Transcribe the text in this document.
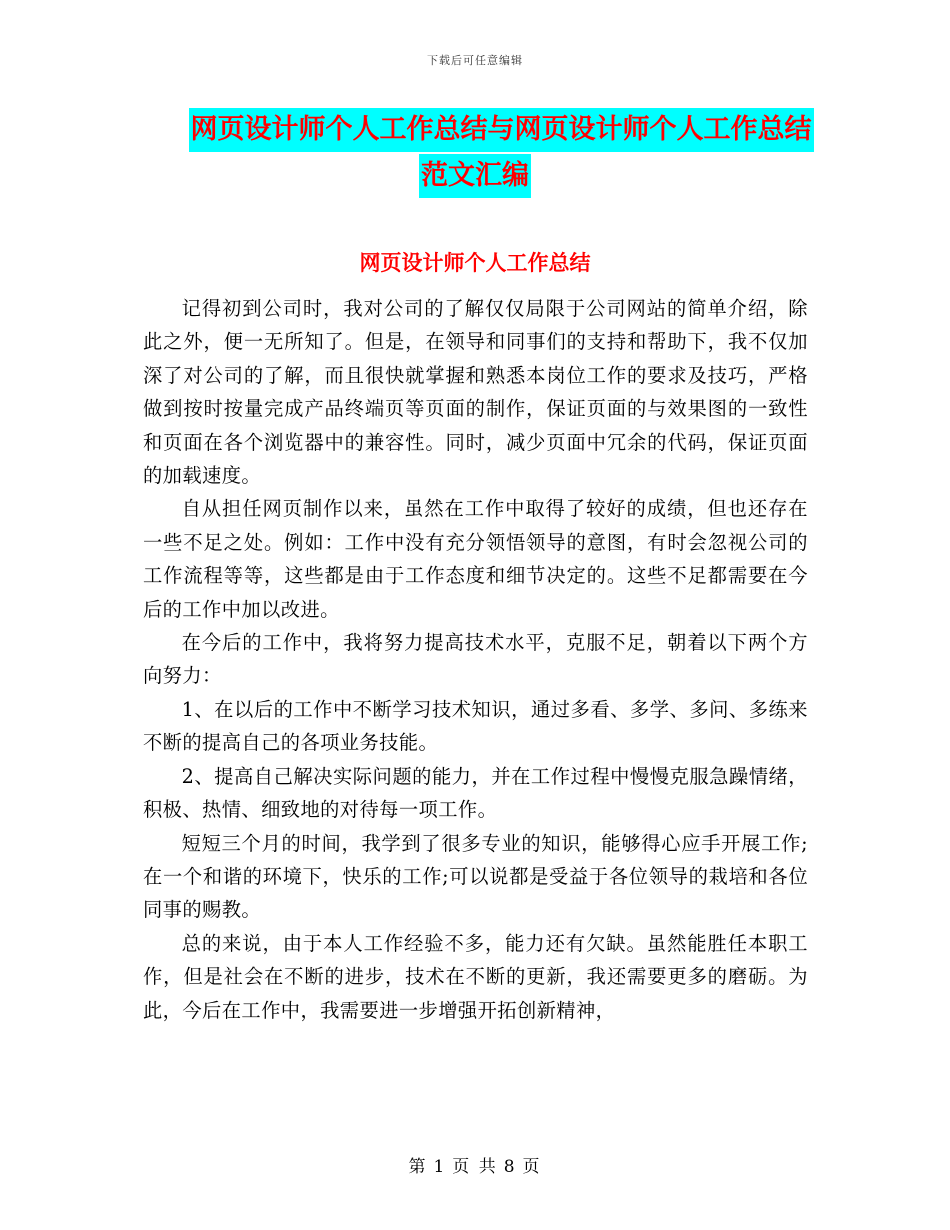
下载后可任意编辑
网页设计师个人工作总结与网页设计师个人工作总结
范文汇编
网页设计师个人工作总结

记得初到公司时，我对公司的了解仅仅局限于公司网站的简单介绍，除此之外，便一无所知了。但是，在领导和同事们的支持和帮助下，我不仅加深了对公司的了解，而且很快就掌握和熟悉本岗位工作的要求及技巧，严格做到按时按量完成产品终端页等页面的制作，保证页面的与效果图的一致性和页面在各个浏览器中的兼容性。同时，减少页面中冗余的代码，保证页面的加载速度。

自从担任网页制作以来，虽然在工作中取得了较好的成绩，但也还存在一些不足之处。例如：工作中没有充分领悟领导的意图，有时会忽视公司的工作流程等等，这些都是由于工作态度和细节决定的。这些不足都需要在今后的工作中加以改进。

在今后的工作中，我将努力提高技术水平，克服不足，朝着以下两个方向努力：

1、在以后的工作中不断学习技术知识，通过多看、多学、多问、多练来不断的提高自己的各项业务技能。

2、提高自己解决实际问题的能力，并在工作过程中慢慢克服急躁情绪，积极、热情、细致地的对待每一项工作。

短短三个月的时间，我学到了很多专业的知识，能够得心应手开展工作;在一个和谐的环境下，快乐的工作;可以说都是受益于各位领导的栽培和各位同事的赐教。

总的来说，由于本人工作经验不多，能力还有欠缺。虽然能胜任本职工作，但是社会在不断的进步，技术在不断的更新，我还需要更多的磨砺。为此，今后在工作中，我需要进一步增强开拓创新精神，

第 1 页 共 8 页
